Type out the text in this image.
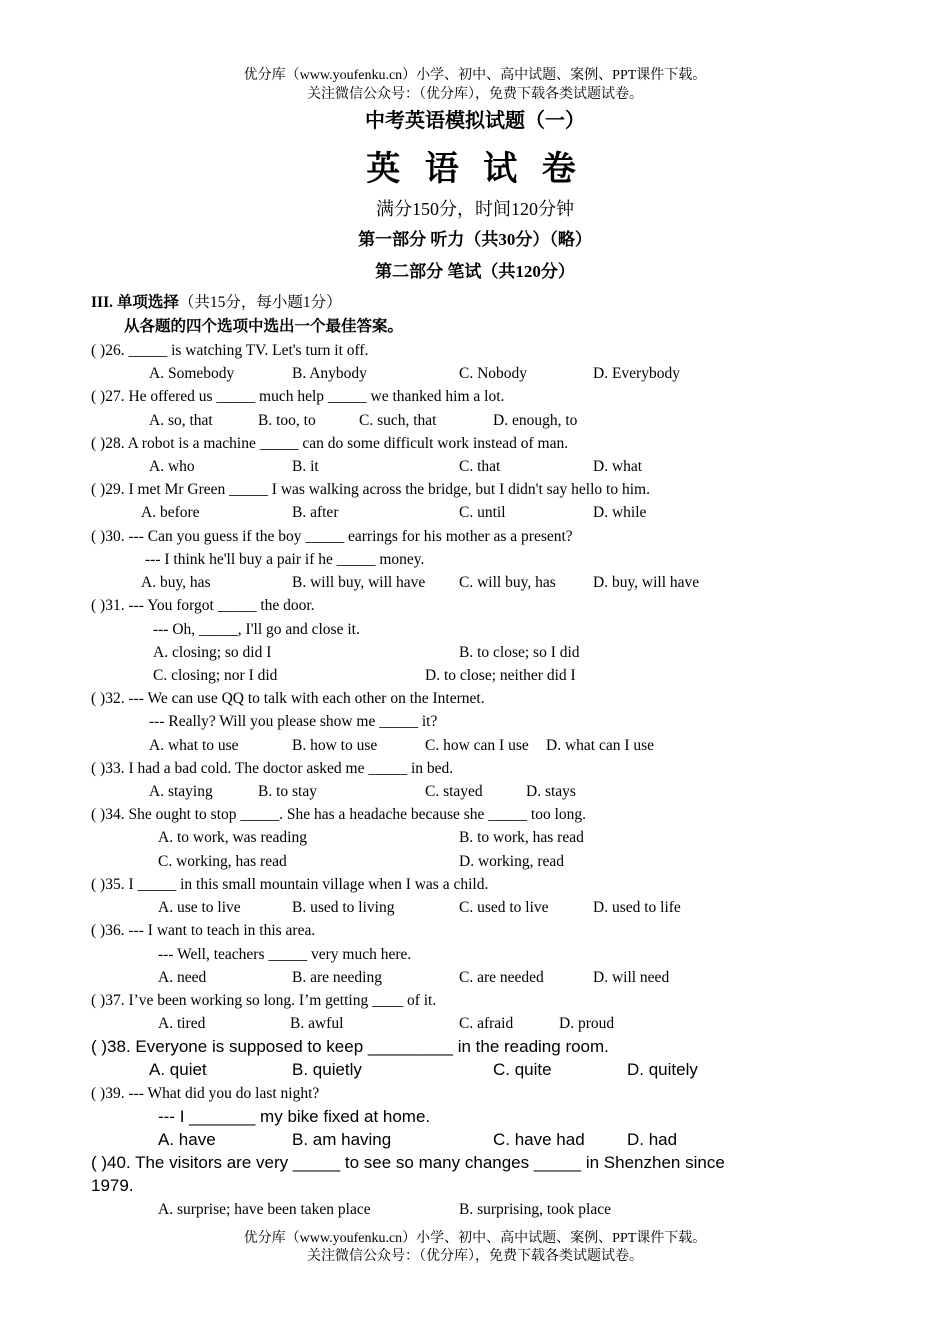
优分库（www.youfenku.cn）小学、初中、高中试题、案例、PPT课件下载。
关注微信公众号：（优分库），免费下载各类试题试卷。
中考英语模拟试题（一）
英 语 试 卷
满分150分，时间120分钟
第一部分 听力（共30分）（略）
第二部分 笔试（共120分）
III. 单项选择（共15分，每小题1分）
从各题的四个选项中选出一个最佳答案。
( )26. _____ is watching TV. Let's turn it off.
A. Somebody	B. Anybody	C. Nobody	D. Everybody
( )27. He offered us _____ much help _____ we thanked him a lot.
A. so, that	B. too, to	C. such, that	D. enough, to
( )28. A robot is a machine _____ can do some difficult work instead of man.
A. who	B. it	C. that	D. what
( )29. I met Mr Green _____ I was walking across the bridge, but I didn't say hello to him.
A. before	B. after	C. until	D. while
( )30. --- Can you guess if the boy _____ earrings for his mother as a present?
--- I think he'll buy a pair if he _____ money.
A. buy, has	B. will buy, will have C. will buy, has D. buy, will have
( )31. --- You forgot _____ the door.
--- Oh, _____, I'll go and close it.
A. closing; so did I	B. to close; so I did
C. closing; nor I did	D. to close; neither did I
( )32. --- We can use QQ to talk with each other on the Internet.
--- Really? Will you please show me _____ it?
A. what to use	B. how to use	C. how can I use D. what can I use
( )33. I had a bad cold. The doctor asked me _____ in bed.
A. staying	B. to stay	C. stayed	D. stays
( )34. She ought to stop _____. She has a headache because she _____ too long.
A. to work, was reading	B. to work, has read
C. working, has read	D. working, read
( )35. I _____ in this small mountain village when I was a child.
A. use to live	B. used to living	C. used to live	D. used to life
( )36. --- I want to teach in this area.
--- Well, teachers _____ very much here.
A. need	B. are needing	C. are needed	D. will need
( )37. I’ve been working so long. I’m getting ____ of it.
A. tired	B. awful	C. afraid	D. proud
( )38. Everyone is supposed to keep _________ in the reading room.
A. quiet	B. quietly	C. quite	D. quitely
( )39. --- What did you do last night?
--- I _______ my bike fixed at home.
A. have	B. am having	C. have had D. had
( )40. The visitors are very _____ to see so many changes _____ in Shenzhen since
1979.
A. surprise; have been taken place	B. surprising, took place
优分库（www.youfenku.cn）小学、初中、高中试题、案例、PPT课件下载。
关注微信公众号：（优分库），免费下载各类试题试卷。
